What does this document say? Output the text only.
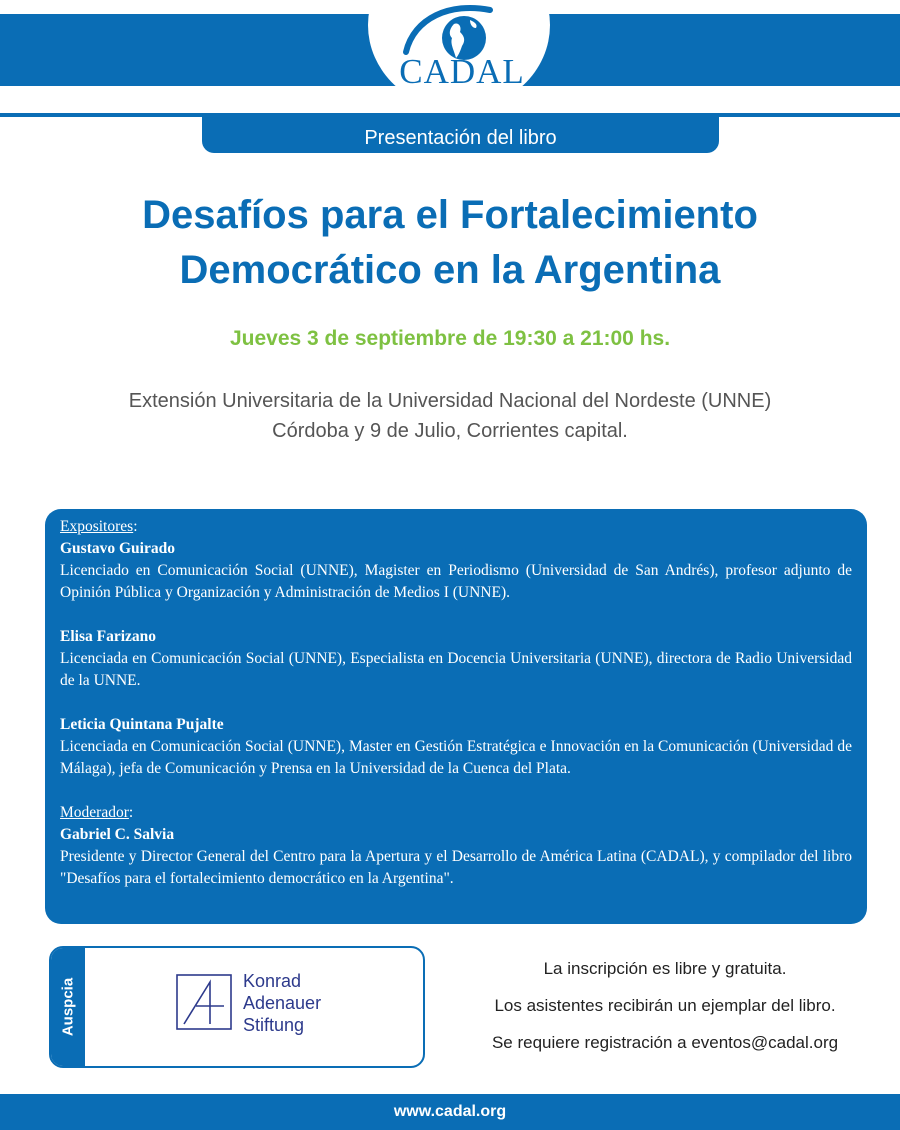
CADAL
Presentación del libro
Desafíos para el Fortalecimiento
Democrático en la Argentina
Jueves 3 de septiembre de 19:30 a 21:00 hs.
Extensión Universitaria de la Universidad Nacional del Nordeste (UNNE)
Córdoba y 9 de Julio, Corrientes capital.
Expositores:
Gustavo Guirado
Licenciado en Comunicación Social (UNNE), Magister en Periodismo (Universidad de San Andrés), profesor adjunto de Opinión Pública y Organización y Administración de Medios I (UNNE).
Elisa Farizano
Licenciada en Comunicación Social (UNNE), Especialista en Docencia Universitaria (UNNE), directora de Radio Universidad de la UNNE.
Leticia Quintana Pujalte
Licenciada en Comunicación Social (UNNE), Master en Gestión Estratégica e Innovación en la Comunicación (Universidad de Málaga), jefa de Comunicación y Prensa en la Universidad de la Cuenca del Plata.
Moderador:
Gabriel C. Salvia
Presidente y Director General del Centro para la Apertura y el Desarrollo de América Latina (CADAL), y compilador del libro "Desafíos para el fortalecimiento democrático en la Argentina".
Auspcia	Konrad
Adenauer
Stiftung
La inscripción es libre y gratuita.
Los asistentes recibirán un ejemplar del libro.
Se requiere registración a eventos@cadal.org
www.cadal.org
